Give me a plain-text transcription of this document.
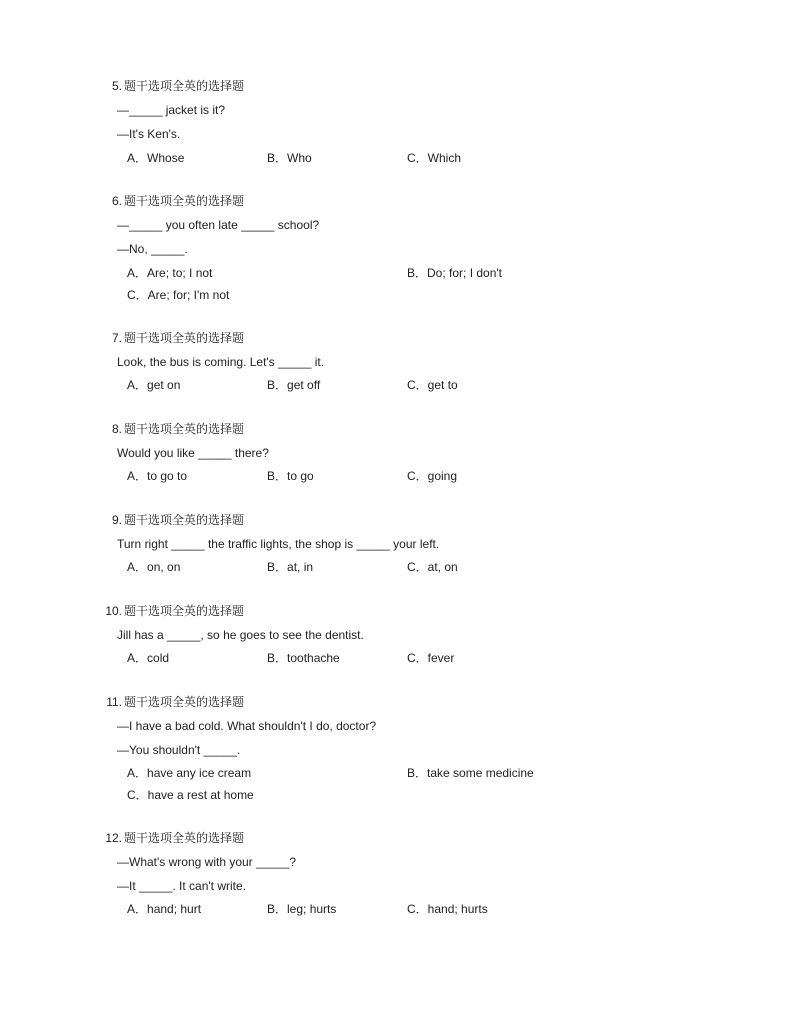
5. 题干选项全英的选择题
—_____ jacket is it?
—It's Ken's.
A．Whose	B．Who	C．Which
6. 题干选项全英的选择题
—_____ you often late _____ school?
—No, _____.
A．Are; to; I not	B．Do; for; I don't
C．Are; for; I'm not
7. 题干选项全英的选择题
Look, the bus is coming. Let's _____ it.
A．get on	B．get off	C．get to
8. 题干选项全英的选择题
Would you like _____ there?
A．to go to	B．to go	C．going
9. 题干选项全英的选择题
Turn right _____ the traffic lights, the shop is _____ your left.
A．on, on	B．at, in	C．at, on
10. 题干选项全英的选择题
Jill has a _____, so he goes to see the dentist.
A．cold	B．toothache	C．fever
11. 题干选项全英的选择题
—I have a bad cold. What shouldn't I do, doctor?
—You shouldn't _____.
A．have any ice cream	B．take some medicine
C．have a rest at home
12. 题干选项全英的选择题
—What's wrong with your _____?
—It _____. It can't write.
A．hand; hurt	B．leg; hurts	C．hand; hurts
